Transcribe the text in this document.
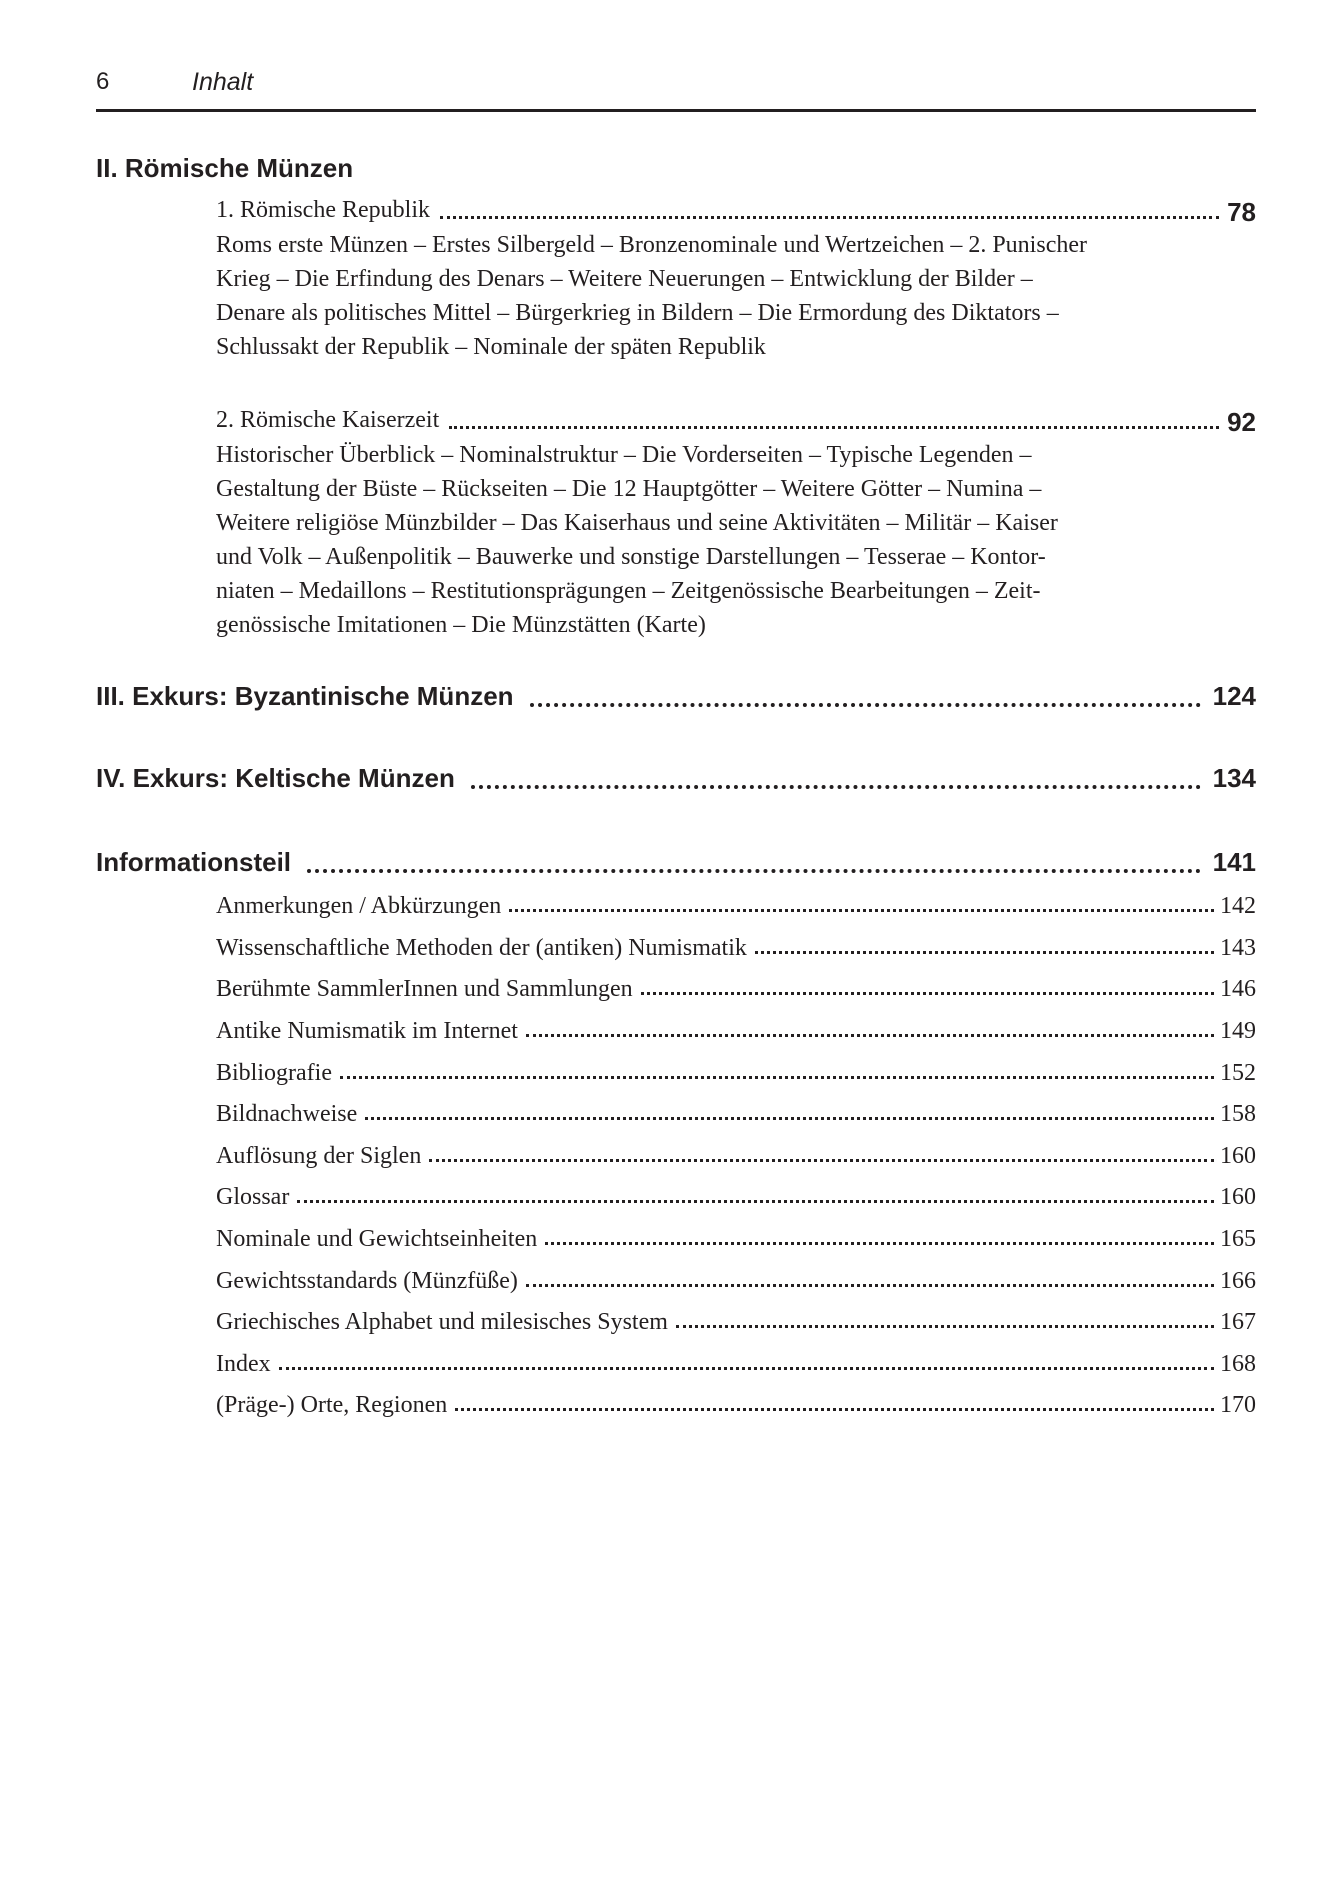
6	Inhalt
II. Römische Münzen
1. Römische Republik	78
Roms erste Münzen – Erstes Silbergeld – Bronzenominale und Wertzeichen – 2. Punischer
Krieg – Die Erfindung des Denars – Weitere Neuerungen – Entwicklung der Bilder –
Denare als politisches Mittel – Bürgerkrieg in Bildern – Die Ermordung des Diktators –
Schlussakt der Republik – Nominale der späten Republik
2. Römische Kaiserzeit	92
Historischer Überblick – Nominalstruktur – Die Vorderseiten – Typische Legenden –
Gestaltung der Büste – Rückseiten – Die 12 Hauptgötter – Weitere Götter – Numina –
Weitere religiöse Münzbilder – Das Kaiserhaus und seine Aktivitäten – Militär – Kaiser
und Volk – Außenpolitik – Bauwerke und sonstige Darstellungen – Tesserae – Kontor-
niaten – Medaillons – Restitutionsprägungen – Zeitgenössische Bearbeitungen – Zeit-
genössische Imitationen – Die Münzstätten (Karte)
III. Exkurs: Byzantinische Münzen	124
IV. Exkurs: Keltische Münzen	134
Informationsteil	141
Anmerkungen / Abkürzungen	142
Wissenschaftliche Methoden der (antiken) Numismatik	143
Berühmte SammlerInnen und Sammlungen	146
Antike Numismatik im Internet	149
Bibliografie	152
Bildnachweise	158
Auflösung der Siglen	160
Glossar	160
Nominale und Gewichtseinheiten	165
Gewichtsstandards (Münzfüße)	166
Griechisches Alphabet und milesisches System	167
Index	168
(Präge-) Orte, Regionen	170
